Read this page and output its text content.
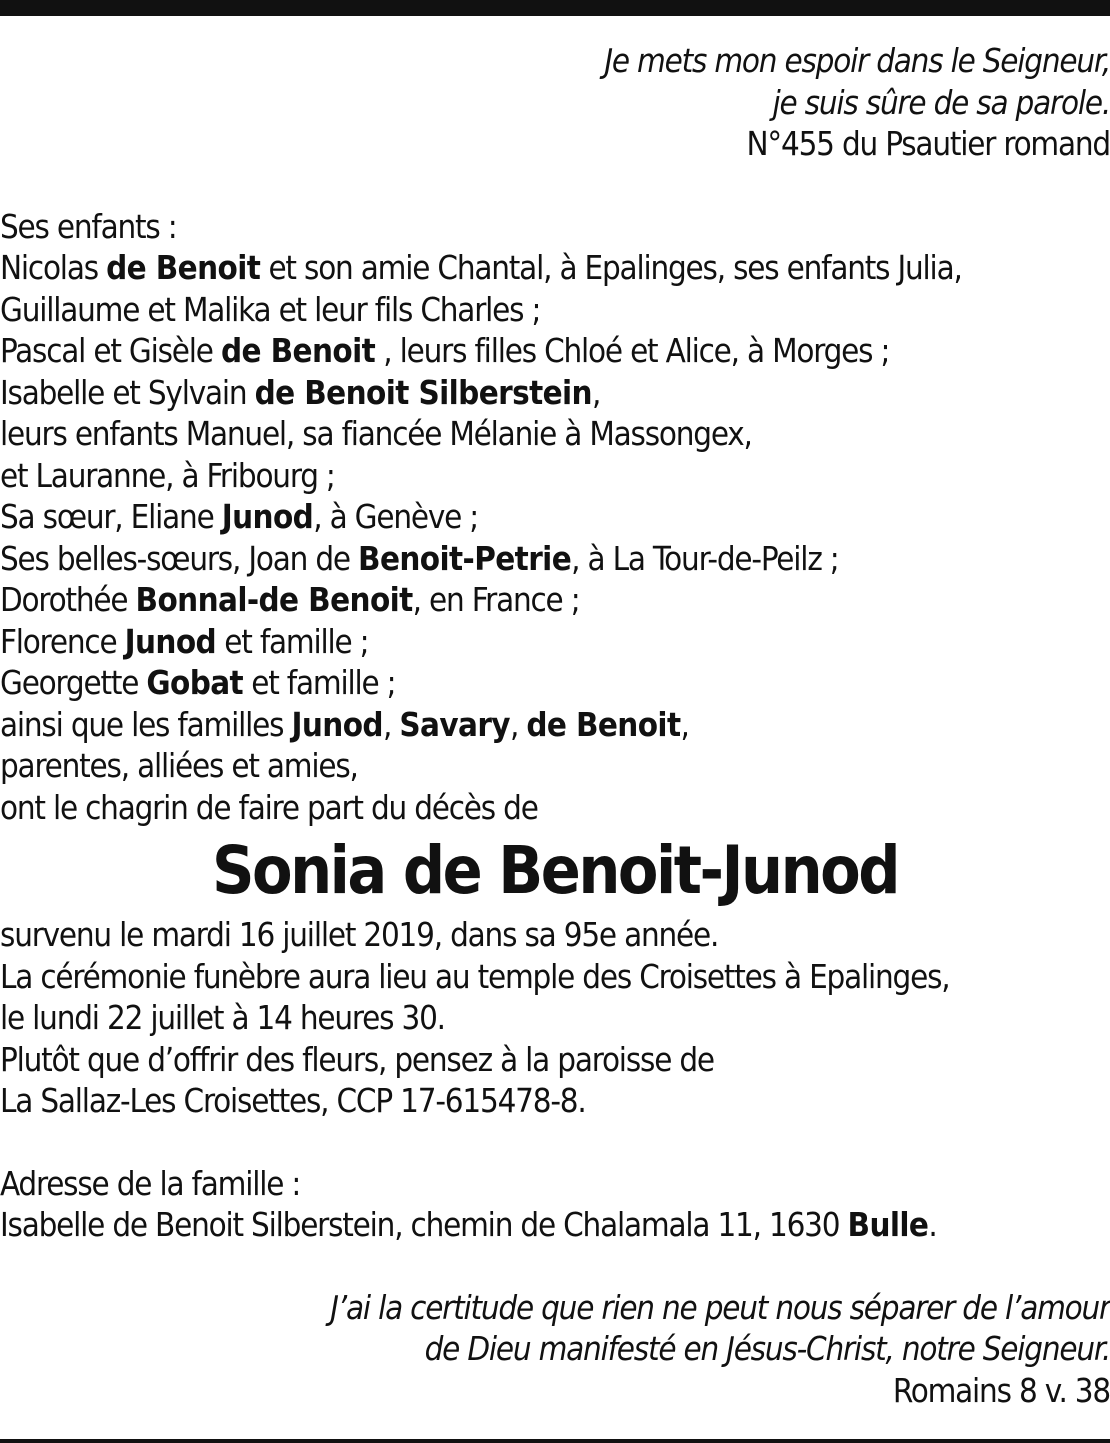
Je mets mon espoir dans le Seigneur,
je suis sûre de sa parole.
N°455 du Psautier romand
Ses enfants :
Nicolas de Benoit et son amie Chantal, à Epalinges, ses enfants Julia,
Guillaume et Malika et leur fils Charles ;
Pascal et Gisèle de Benoit , leurs filles Chloé et Alice, à Morges ;
Isabelle et Sylvain de Benoit Silberstein,
leurs enfants Manuel, sa fiancée Mélanie à Massongex,
et Lauranne, à Fribourg ;
Sa sœur, Eliane Junod, à Genève ;
Ses belles-sœurs, Joan de Benoit-Petrie, à La Tour-de-Peilz ;
Dorothée Bonnal-de Benoit, en France ;
Florence Junod et famille ;
Georgette Gobat et famille ;
ainsi que les familles Junod, Savary, de Benoit,
parentes, alliées et amies,
ont le chagrin de faire part du décès de
Sonia de Benoit-Junod
survenu le mardi 16 juillet 2019, dans sa 95e année.
La cérémonie funèbre aura lieu au temple des Croisettes à Epalinges,
le lundi 22 juillet à 14 heures 30.
Plutôt que d’offrir des fleurs, pensez à la paroisse de
La Sallaz-Les Croisettes, CCP 17-615478-8.
Adresse de la famille :
Isabelle de Benoit Silberstein, chemin de Chalamala 11, 1630 Bulle.
J’ai la certitude que rien ne peut nous séparer de l’amour
de Dieu manifesté en Jésus-Christ, notre Seigneur.
Romains 8 v. 38
